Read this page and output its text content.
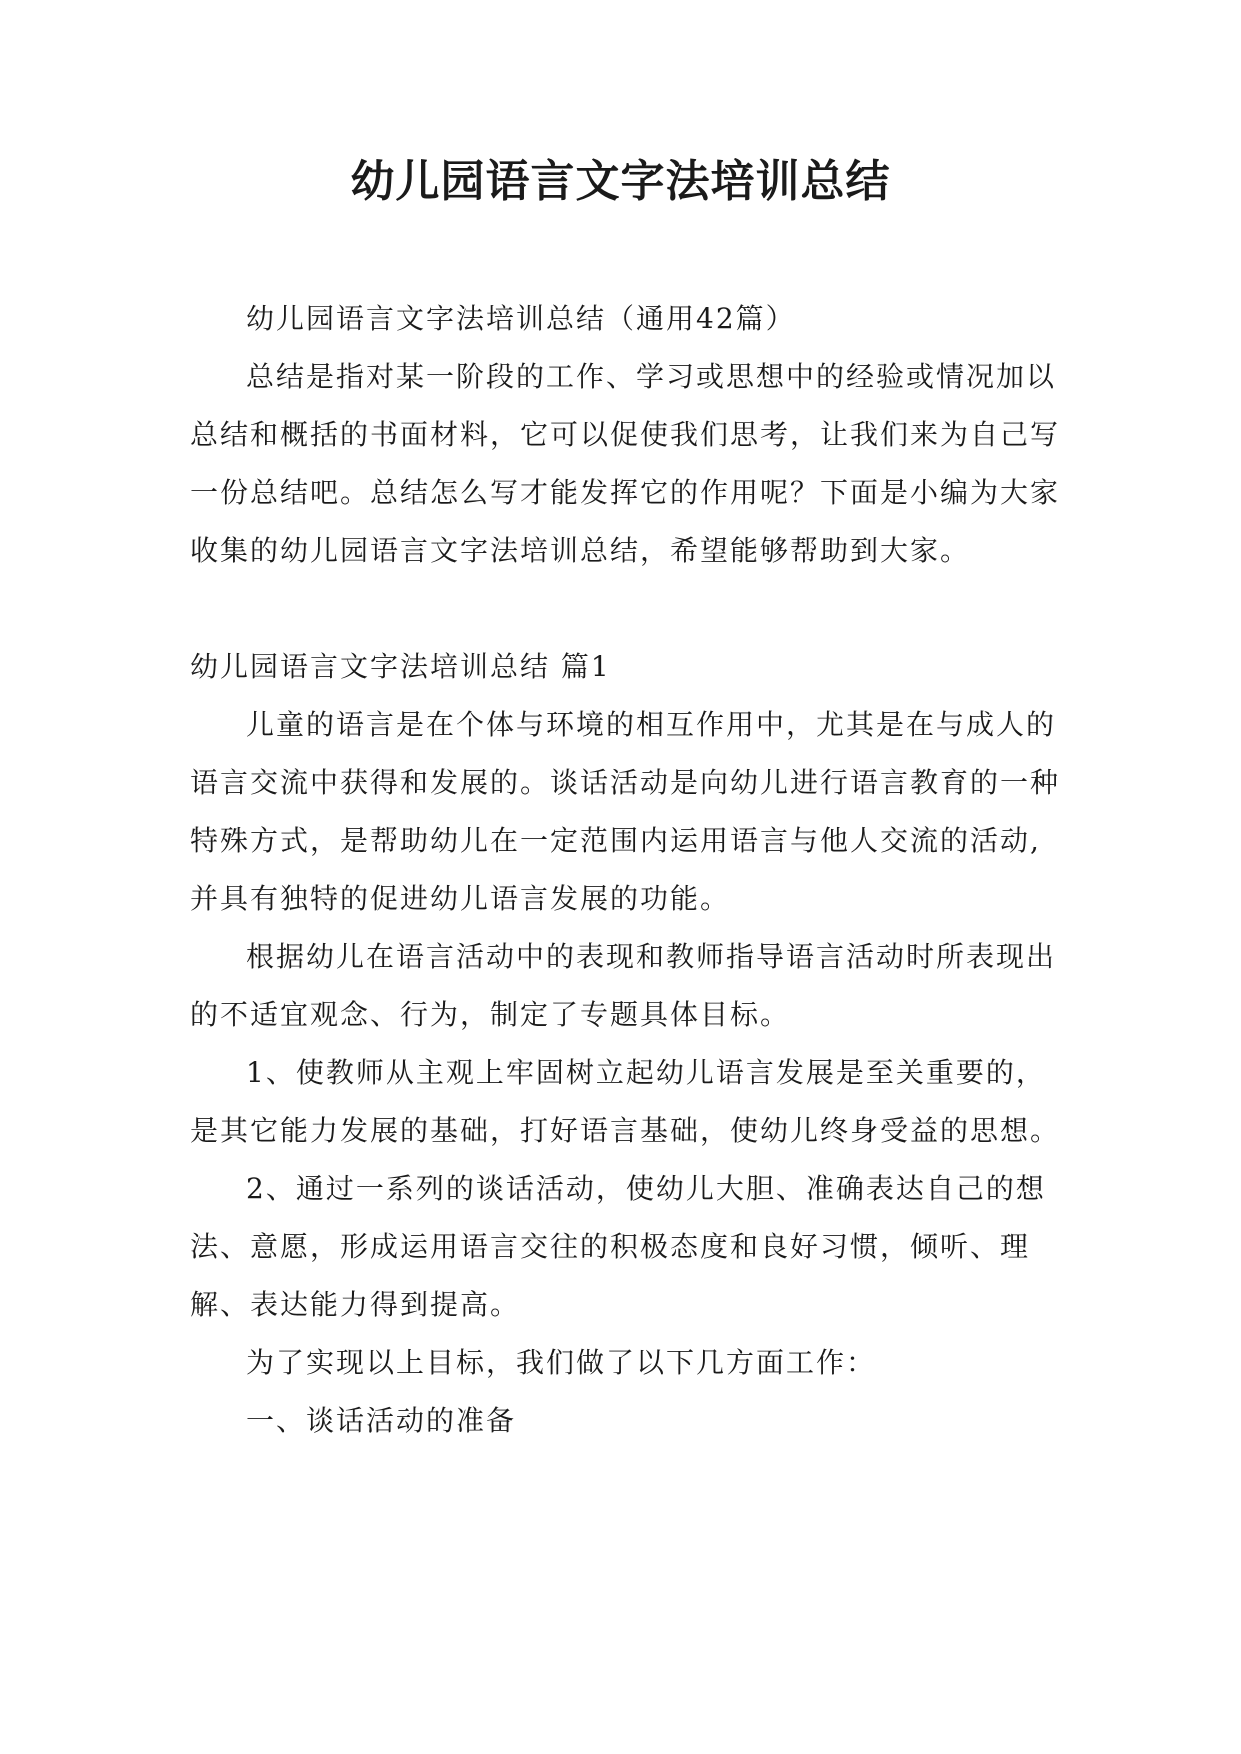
幼儿园语言文字法培训总结

幼儿园语言文字法培训总结（通用42篇）

总结是指对某一阶段的工作、学习或思想中的经验或情况加以总结和概括的书面材料，它可以促使我们思考，让我们来为自己写一份总结吧。总结怎么写才能发挥它的作用呢？下面是小编为大家收集的幼儿园语言文字法培训总结，希望能够帮助到大家。

幼儿园语言文字法培训总结 篇1

儿童的语言是在个体与环境的相互作用中，尤其是在与成人的语言交流中获得和发展的。谈话活动是向幼儿进行语言教育的一种特殊方式，是帮助幼儿在一定范围内运用语言与他人交流的活动,并具有独特的促进幼儿语言发展的功能。

根据幼儿在语言活动中的表现和教师指导语言活动时所表现出的不适宜观念、行为，制定了专题具体目标。

1、使教师从主观上牢固树立起幼儿语言发展是至关重要的，是其它能力发展的基础，打好语言基础，使幼儿终身受益的思想。

2、通过一系列的谈话活动，使幼儿大胆、准确表达自己的想法、意愿，形成运用语言交往的积极态度和良好习惯，倾听、理解、表达能力得到提高。

为了实现以上目标，我们做了以下几方面工作：

一、谈话活动的准备
